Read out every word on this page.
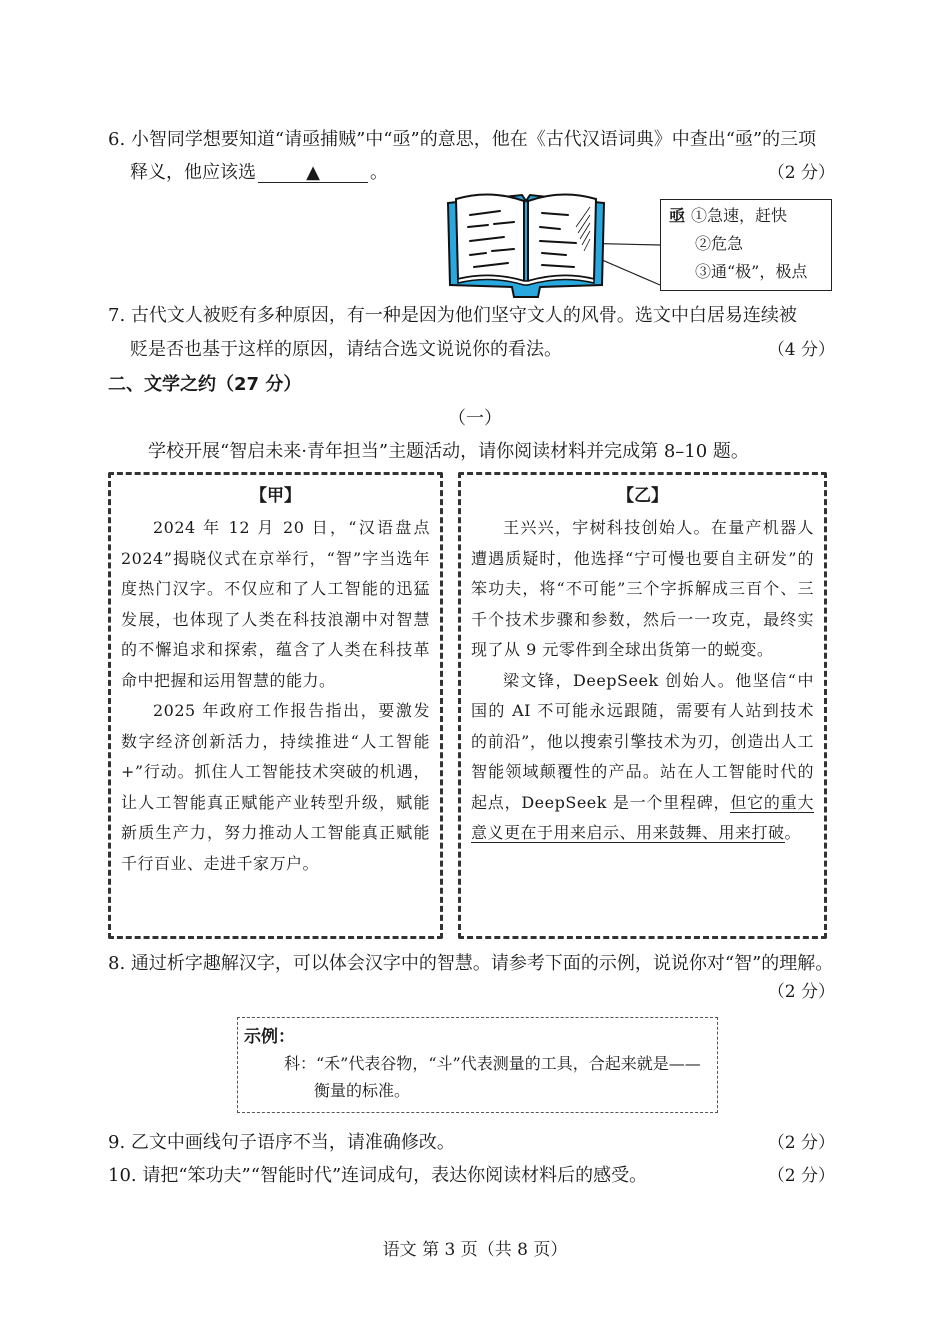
6. 小智同学想要知道“请亟捕贼”中“亟”的意思，他在《古代汉语词典》中查出“亟”的三项
释义，他应该选	▲	。	（2 分）
亟 ①急速，赶快
②危急
③通“极”，极点
7. 古代文人被贬有多种原因，有一种是因为他们坚守文人的风骨。选文中白居易连续被
贬是否也基于这样的原因，请结合选文说说你的看法。	（4 分）
二、文学之约（27 分）
（一）
学校开展“智启未来·青年担当”主题活动，请你阅读材料并完成第 8–10 题。
【甲】

2024 年 12 月 20 日，“汉语盘点 2024”揭晓仪式在京举行，“智”字当选年度热门汉字。不仅应和了人工智能的迅猛发展，也体现了人类在科技浪潮中对智慧的不懈追求和探索，蕴含了人类在科技革命中把握和运用智慧的能力。

2025 年政府工作报告指出，要激发数字经济创新活力，持续推进“人工智能+”行动。抓住人工智能技术突破的机遇，让人工智能真正赋能产业转型升级，赋能新质生产力，努力推动人工智能真正赋能千行百业、走进千家万户。

【乙】

王兴兴，宇树科技创始人。在量产机器人遭遇质疑时，他选择“宁可慢也要自主研发”的笨功夫，将“不可能”三个字拆解成三百个、三千个技术步骤和参数，然后一一攻克，最终实现了从 9 元零件到全球出货第一的蜕变。

梁文锋，DeepSeek 创始人。他坚信“中国的 AI 不可能永远跟随，需要有人站到技术的前沿”，他以搜索引擎技术为刃，创造出人工智能领域颠覆性的产品。站在人工智能时代的起点，DeepSeek 是一个里程碑，但它的重大意义更在于用来启示、用来鼓舞、用来打破。

8. 通过析字趣解汉字，可以体会汉字中的智慧。请参考下面的示例，说说你对“智”的理解。
（2 分）
示例：
科：“禾”代表谷物，“斗”代表测量的工具，合起来就是——
衡量的标准。
9. 乙文中画线句子语序不当，请准确修改。	（2 分）
10. 请把“笨功夫”“智能时代”连词成句，表达你阅读材料后的感受。	（2 分）
语文 第 3 页（共 8 页）
